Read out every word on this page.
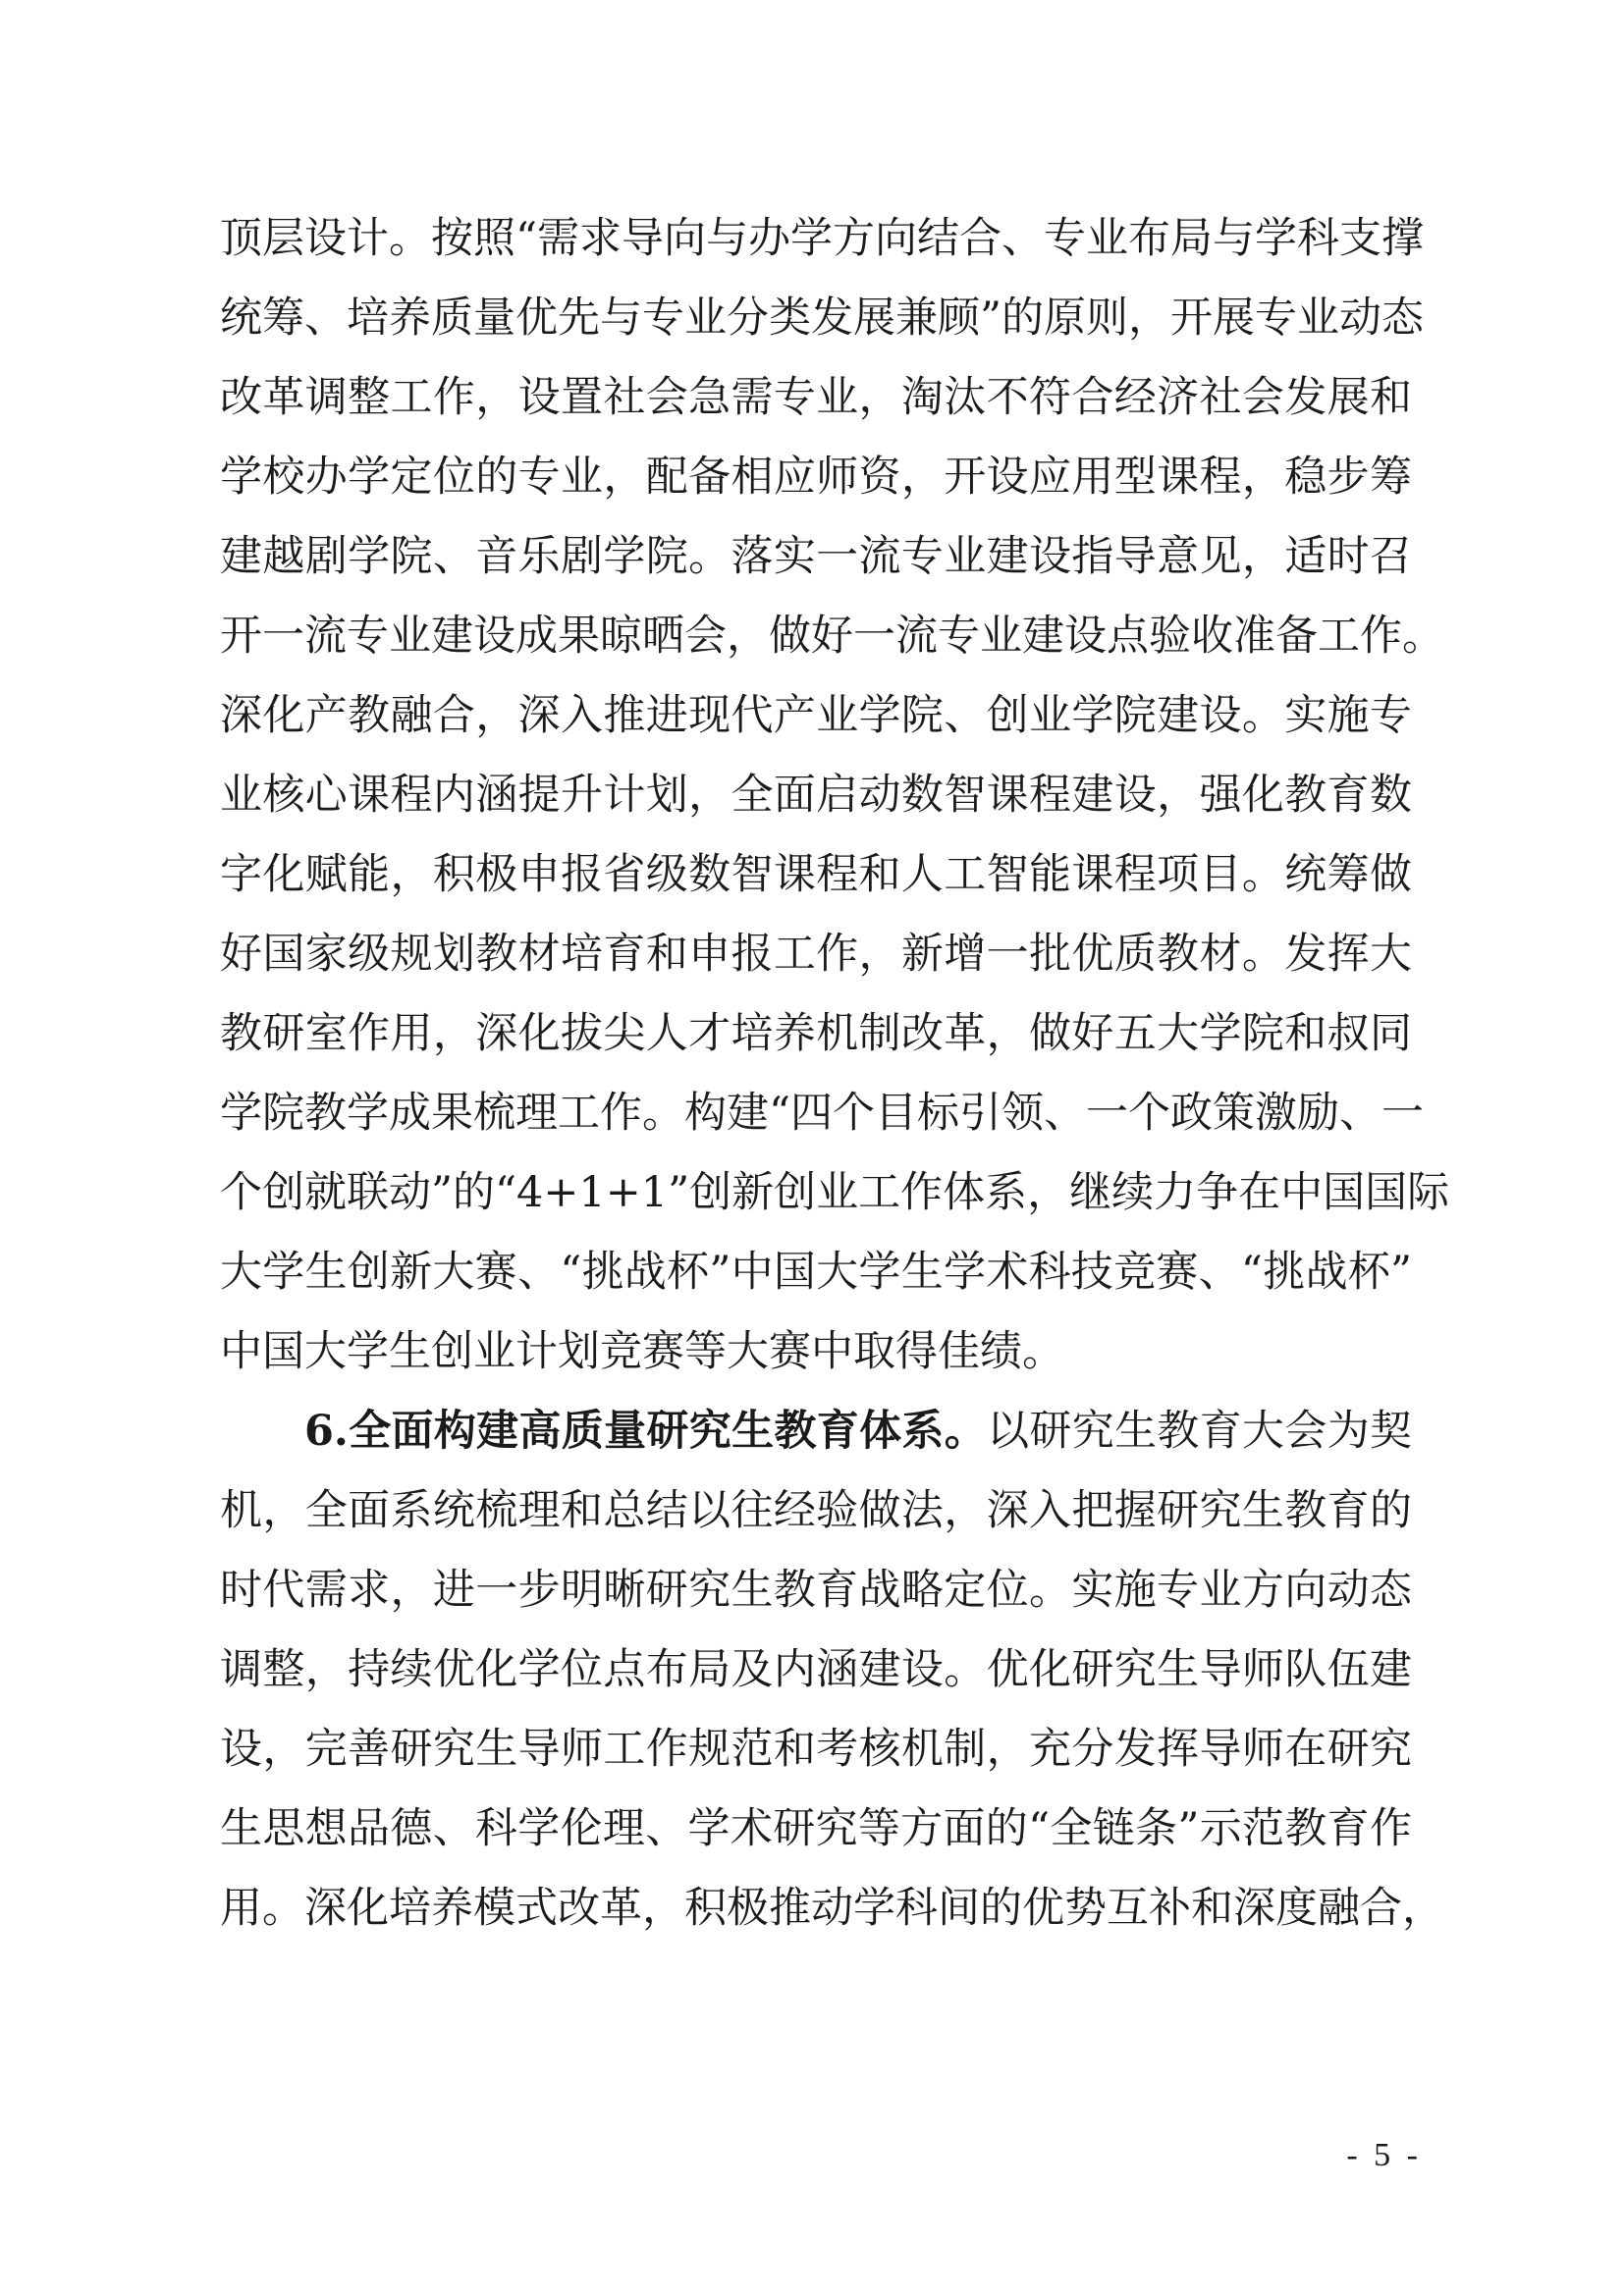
顶层设计。按照“需求导向与办学方向结合、专业布局与学科支撑
统筹、培养质量优先与专业分类发展兼顾”的原则，开展专业动态
改革调整工作，设置社会急需专业，淘汰不符合经济社会发展和
学校办学定位的专业，配备相应师资，开设应用型课程，稳步筹
建越剧学院、音乐剧学院。落实一流专业建设指导意见，适时召
开一流专业建设成果晾晒会，做好一流专业建设点验收准备工作。
深化产教融合，深入推进现代产业学院、创业学院建设。实施专
业核心课程内涵提升计划，全面启动数智课程建设，强化教育数
字化赋能，积极申报省级数智课程和人工智能课程项目。统筹做
好国家级规划教材培育和申报工作，新增一批优质教材。发挥大
教研室作用，深化拔尖人才培养机制改革，做好五大学院和叔同
学院教学成果梳理工作。构建“四个目标引领、一个政策激励、一
个创就联动”的“4+1+1”创新创业工作体系，继续力争在中国国际
大学生创新大赛、“挑战杯”中国大学生学术科技竞赛、“挑战杯”
中国大学生创业计划竞赛等大赛中取得佳绩。
6.全面构建高质量研究生教育体系。以研究生教育大会为契
机，全面系统梳理和总结以往经验做法，深入把握研究生教育的
时代需求，进一步明晰研究生教育战略定位。实施专业方向动态
调整，持续优化学位点布局及内涵建设。优化研究生导师队伍建
设，完善研究生导师工作规范和考核机制，充分发挥导师在研究
生思想品德、科学伦理、学术研究等方面的“全链条”示范教育作
用。深化培养模式改革，积极推动学科间的优势互补和深度融合，
- 5 -
